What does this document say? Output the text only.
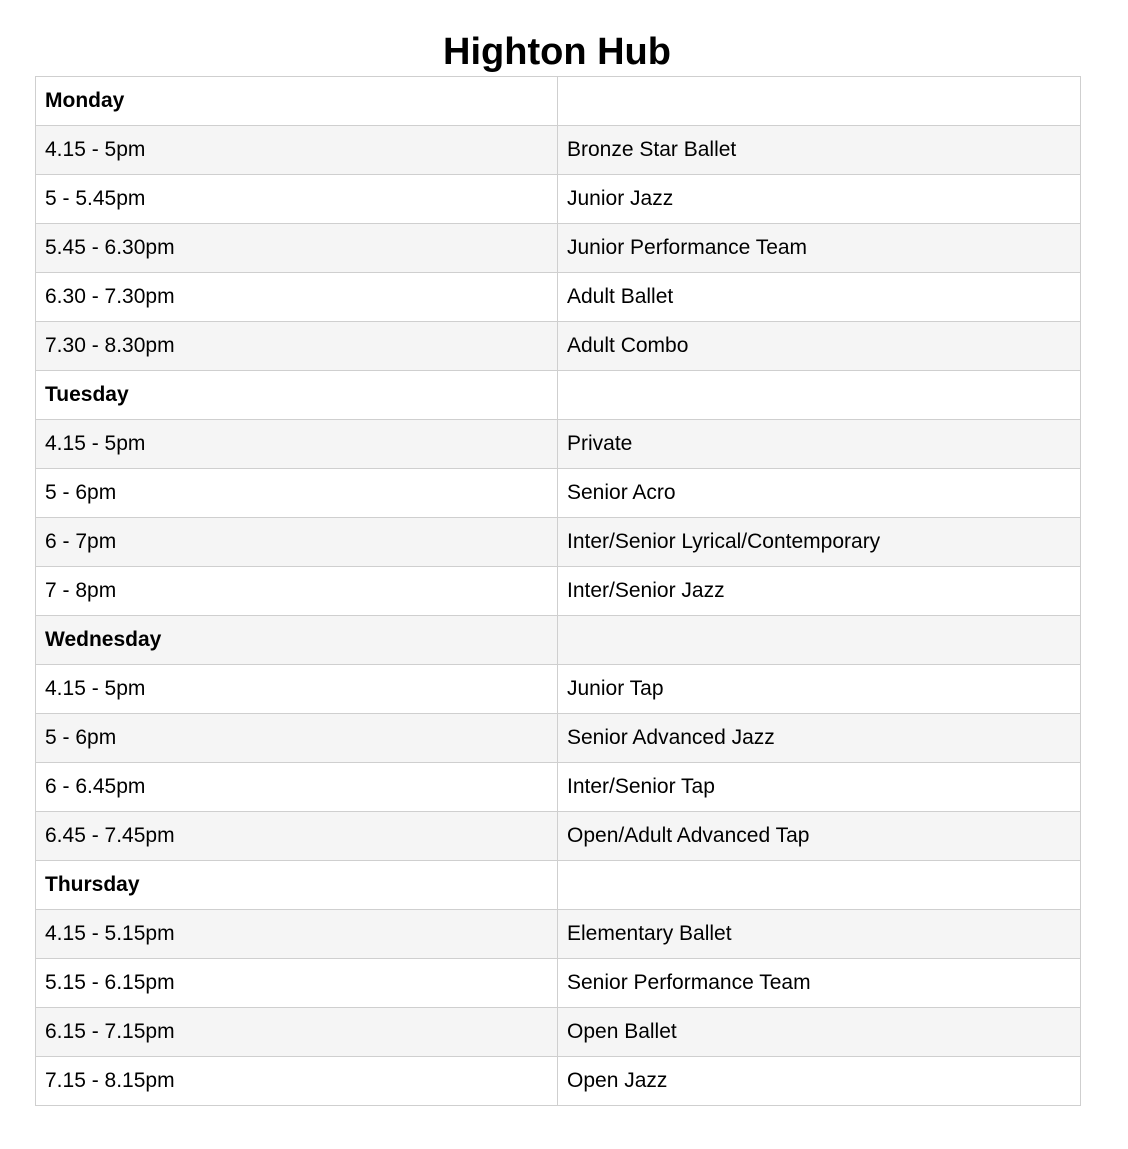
Highton Hub
Monday	
4.15 - 5pm	Bronze Star Ballet
5 - 5.45pm	Junior Jazz
5.45 - 6.30pm	Junior Performance Team
6.30 - 7.30pm	Adult Ballet
7.30 - 8.30pm	Adult Combo
Tuesday	
4.15 - 5pm	Private
5 - 6pm	Senior Acro
6 - 7pm	Inter/Senior Lyrical/Contemporary
7 - 8pm	Inter/Senior Jazz
Wednesday	
4.15 - 5pm	Junior Tap
5 - 6pm	Senior Advanced Jazz
6 - 6.45pm	Inter/Senior Tap
6.45 - 7.45pm	Open/Adult Advanced Tap
Thursday	
4.15 - 5.15pm	Elementary Ballet
5.15 - 6.15pm	Senior Performance Team
6.15 - 7.15pm	Open Ballet
7.15 - 8.15pm	Open Jazz
